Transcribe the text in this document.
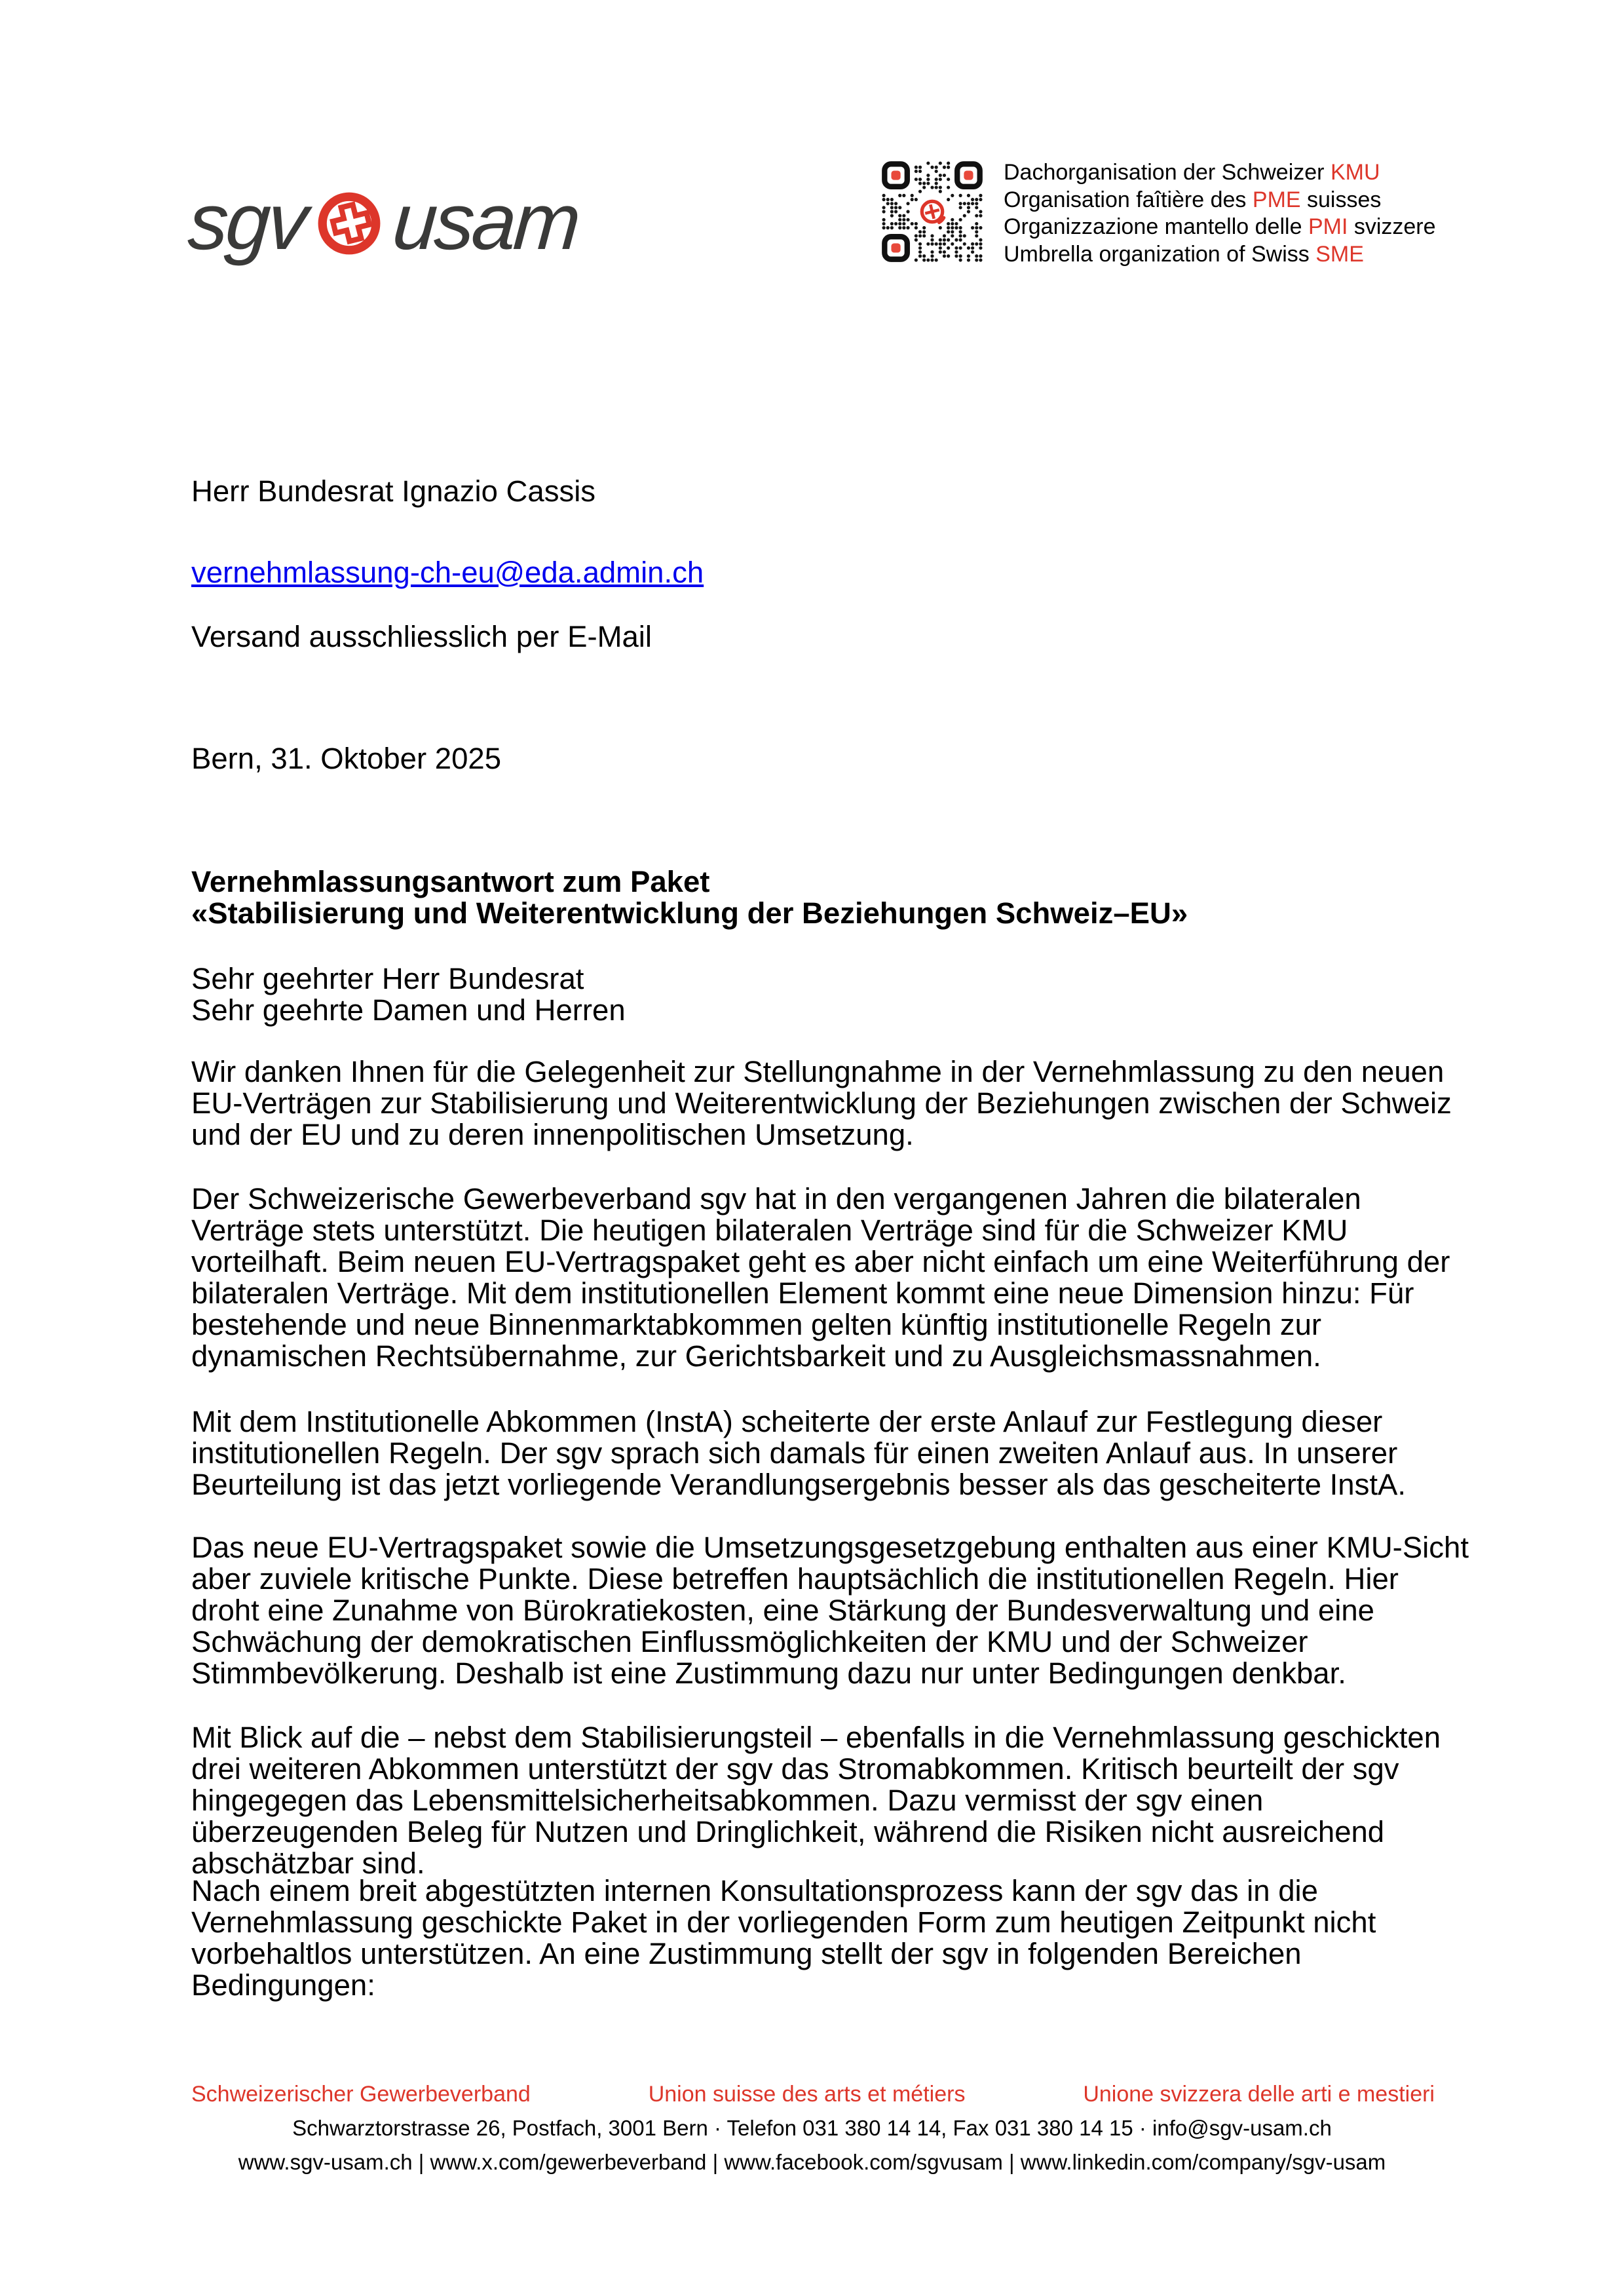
sgv usam
Dachorganisation der Schweizer KMU
Organisation faîtière des PME suisses
Organizzazione mantello delle PMI svizzere
Umbrella organization of Swiss SME
Herr Bundesrat Ignazio Cassis
vernehmlassung-ch-eu@eda.admin.ch
Versand ausschliesslich per E-Mail
Bern, 31. Oktober 2025
Vernehmlassungsantwort zum Paket
«Stabilisierung und Weiterentwicklung der Beziehungen Schweiz–EU»
Sehr geehrter Herr Bundesrat
Sehr geehrte Damen und Herren
Wir danken Ihnen für die Gelegenheit zur Stellungnahme in der Vernehmlassung zu den neuen EU-Verträgen zur Stabilisierung und Weiterentwicklung der Beziehungen zwischen der Schweiz und der EU und zu deren innenpolitischen Umsetzung.
Der Schweizerische Gewerbeverband sgv hat in den vergangenen Jahren die bilateralen Verträge stets unterstützt. Die heutigen bilateralen Verträge sind für die Schweizer KMU vorteilhaft. Beim neuen EU-Vertragspaket geht es aber nicht einfach um eine Weiterführung der bilateralen Verträge. Mit dem institutionellen Element kommt eine neue Dimension hinzu: Für bestehende und neue Binnenmarktabkommen gelten künftig institutionelle Regeln zur dynamischen Rechtsübernahme, zur Gerichtsbarkeit und zu Ausgleichsmassnahmen.
Mit dem Institutionelle Abkommen (InstA) scheiterte der erste Anlauf zur Festlegung dieser institutionellen Regeln. Der sgv sprach sich damals für einen zweiten Anlauf aus. In unserer Beurteilung ist das jetzt vorliegende Verandlungsergebnis besser als das gescheiterte InstA.
Das neue EU-Vertragspaket sowie die Umsetzungsgesetzgebung enthalten aus einer KMU-Sicht aber zuviele kritische Punkte. Diese betreffen hauptsächlich die institutionellen Regeln. Hier droht eine Zunahme von Bürokratiekosten, eine Stärkung der Bundesverwaltung und eine Schwächung der demokratischen Einflussmöglichkeiten der KMU und der Schweizer Stimmbevölkerung. Deshalb ist eine Zustimmung dazu nur unter Bedingungen denkbar.
Mit Blick auf die – nebst dem Stabilisierungsteil – ebenfalls in die Vernehmlassung geschickten drei weiteren Abkommen unterstützt der sgv das Stromabkommen. Kritisch beurteilt der sgv hingegegen das Lebensmittelsicherheitsabkommen. Dazu vermisst der sgv einen überzeugenden Beleg für Nutzen und Dringlichkeit, während die Risiken nicht ausreichend abschätzbar sind.
Nach einem breit abgestützten internen Konsultationsprozess kann der sgv das in die Vernehmlassung geschickte Paket in der vorliegenden Form zum heutigen Zeitpunkt nicht vorbehaltlos unterstützen. An eine Zustimmung stellt der sgv in folgenden Bereichen Bedingungen:
Schweizerischer Gewerbeverband	Union suisse des arts et métiers	Unione svizzera delle arti e mestieri
Schwarztorstrasse 26, Postfach, 3001 Bern · Telefon 031 380 14 14, Fax 031 380 14 15 · info@sgv-usam.ch
www.sgv-usam.ch | www.x.com/gewerbeverband | www.facebook.com/sgvusam | www.linkedin.com/company/sgv-usam
